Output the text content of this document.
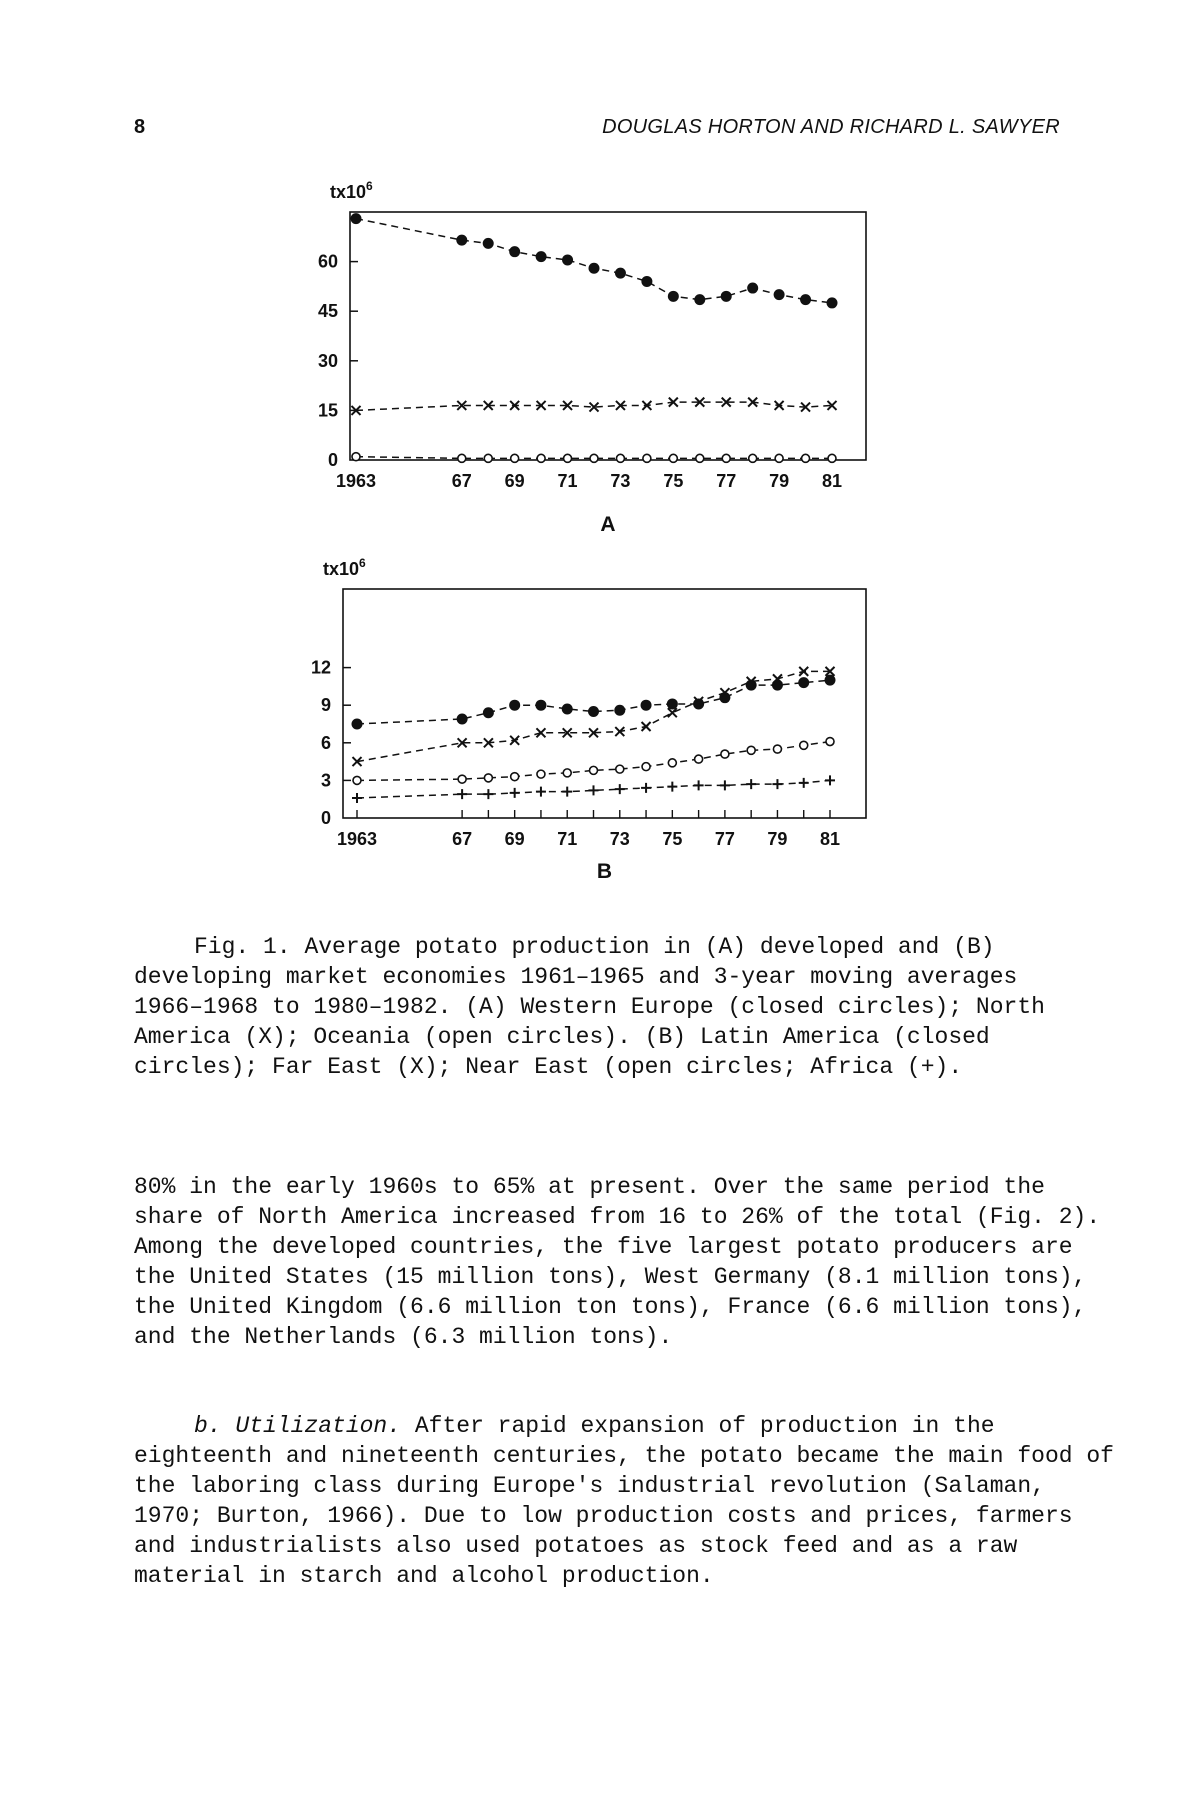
8	DOUGLAS HORTON AND RICHARD L. SAWYER
$tx10^6$
0
15
30
45
60
1963	67 69 71 73 75 77 79 81
A
$tx10^6$
0
3
6
9
12
1963	67 69 71 73 75 77 79 81
B

Fig. 1. Average potato production in (A) developed and (B) developing market economies 1961–1965 and 3-year moving averages 1966–1968 to 1980–1982. (A) Western Europe (closed circles); North America (X); Oceania (open circles). (B) Latin America (closed circles); Far East (X); Near East (open circles; Africa (+).

80% in the early 1960s to 65% at present. Over the same period the share of North America increased from 16 to 26% of the total (Fig. 2). Among the developed countries, the five largest potato producers are the United States (15 million tons), West Germany (8.1 million tons), the United Kingdom (6.6 million ton tons), France (6.6 million tons), and the Netherlands (6.3 million tons).

b. Utilization. After rapid expansion of production in the eighteenth and nineteenth centuries, the potato became the main food of the laboring class during Europe's industrial revolution (Salaman, 1970; Burton, 1966). Due to low production costs and prices, farmers and industrialists also used potatoes as stock feed and as a raw material in starch and alcohol production.
